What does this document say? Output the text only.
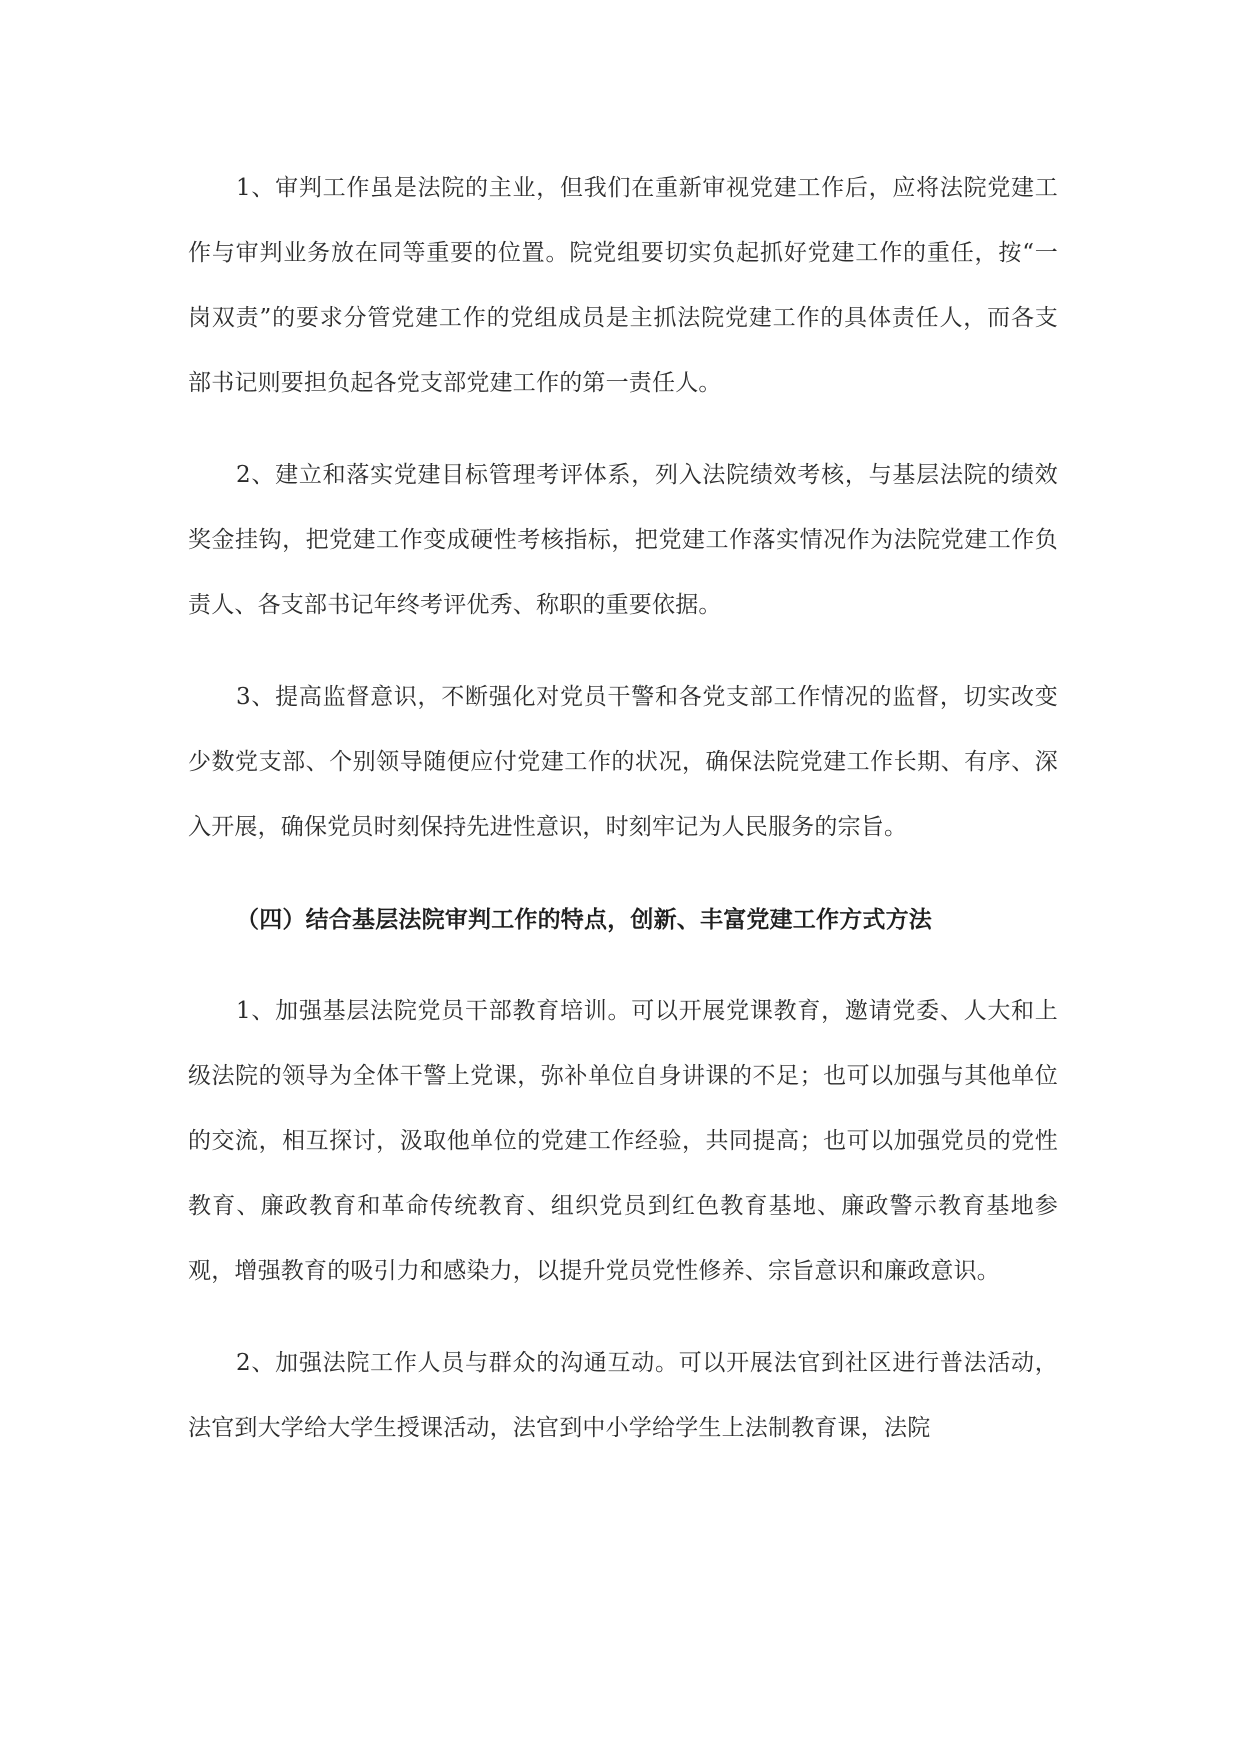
1、审判工作虽是法院的主业，但我们在重新审视党建工作后，应将法院党建工作与审判业务放在同等重要的位置。院党组要切实负起抓好党建工作的重任，按“一岗双责”的要求分管党建工作的党组成员是主抓法院党建工作的具体责任人，而各支部书记则要担负起各党支部党建工作的第一责任人。

2、建立和落实党建目标管理考评体系，列入法院绩效考核，与基层法院的绩效奖金挂钩，把党建工作变成硬性考核指标，把党建工作落实情况作为法院党建工作负责人、各支部书记年终考评优秀、称职的重要依据。

3、提高监督意识，不断强化对党员干警和各党支部工作情况的监督，切实改变少数党支部、个别领导随便应付党建工作的状况，确保法院党建工作长期、有序、深入开展，确保党员时刻保持先进性意识，时刻牢记为人民服务的宗旨。

（四）结合基层法院审判工作的特点，创新、丰富党建工作方式方法

1、加强基层法院党员干部教育培训。可以开展党课教育，邀请党委、人大和上级法院的领导为全体干警上党课，弥补单位自身讲课的不足；也可以加强与其他单位的交流，相互探讨，汲取他单位的党建工作经验，共同提高；也可以加强党员的党性教育、廉政教育和革命传统教育、组织党员到红色教育基地、廉政警示教育基地参观，增强教育的吸引力和感染力，以提升党员党性修养、宗旨意识和廉政意识。

2、加强法院工作人员与群众的沟通互动。可以开展法官到社区进行普法活动，法官到大学给大学生授课活动，法官到中小学给学生上法制教育课，法院
